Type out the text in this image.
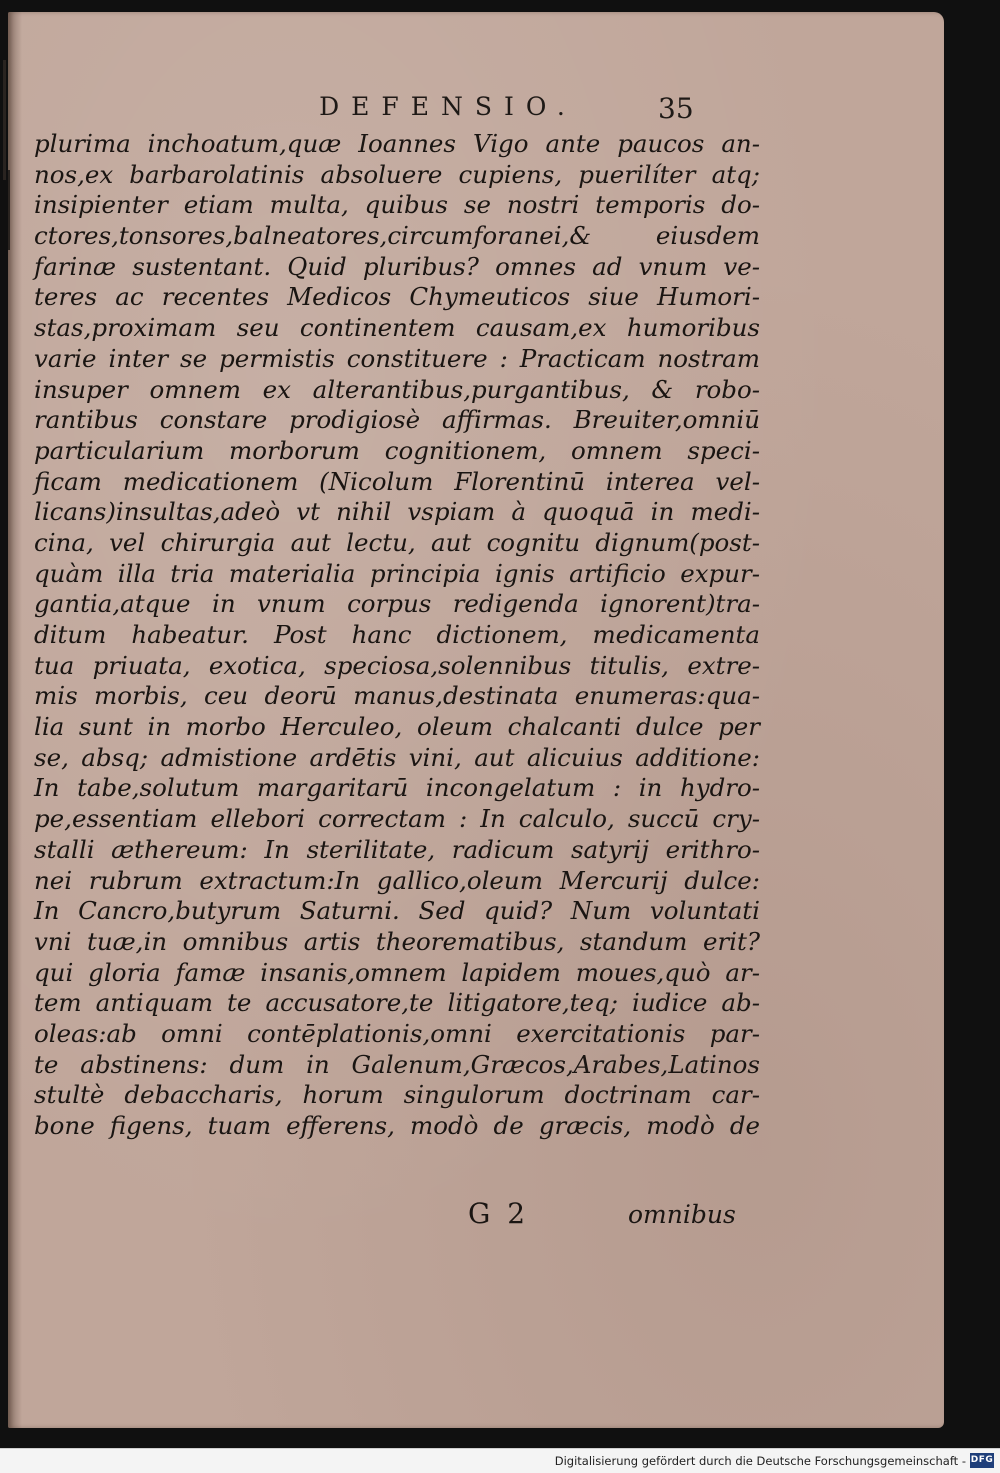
DEFENSIO.	35
plurima inchoatum,quæ Ioannes Vigo ante paucos an-
nos,ex barbarolatinis absoluere cupiens, puerilíter atq;
insipienter etiam multa, quibus se nostri temporis do-
ctores,tonsores,balneatores,circumforanei,& eiusdem
farinæ sustentant. Quid pluribus? omnes ad vnum ve-
teres ac recentes Medicos Chymeuticos siue Humori-
stas,proximam seu continentem causam,ex humoribus
varie inter se permistis constituere : Practicam nostram
insuper omnem ex alterantibus,purgantibus, & robo-
rantibus constare prodigiosè affirmas. Breuiter,omniū
particularium morborum cognitionem, omnem speci-
ficam medicationem (Nicolum Florentinū interea vel-
licans)insultas,adeò vt nihil vspiam à quoquā in medi-
cina, vel chirurgia aut lectu, aut cognitu dignum(post-
quàm illa tria materialia principia ignis artificio expur-
gantia,atque in vnum corpus redigenda ignorent)tra-
ditum habeatur. Post hanc dictionem, medicamenta
tua priuata, exotica, speciosa,solennibus titulis, extre-
mis morbis, ceu deorū manus,destinata enumeras:qua-
lia sunt in morbo Herculeo, oleum chalcanti dulce per
se, absq; admistione ardētis vini, aut alicuius additione:
In tabe,solutum margaritarū incongelatum : in hydro-
pe,essentiam ellebori correctam : In calculo, succū cry-
stalli æthereum: In sterilitate, radicum satyrij erithro-
nei rubrum extractum:In gallico,oleum Mercurij dulce:
In Cancro,butyrum Saturni. Sed quid? Num voluntati
vni tuæ,in omnibus artis theorematibus, standum erit?
qui gloria famæ insanis,omnem lapidem moues,quò ar-
tem antiquam te accusatore,te litigatore,teq; iudice ab-
oleas:ab omni contēplationis,omni exercitationis par-
te abstinens: dum in Galenum,Græcos,Arabes,Latinos
stultè debaccharis, horum singulorum doctrinam car-
bone figens, tuam efferens, modò de græcis, modò de
G 2	omnibus
Digitalisierung gefördert durch die Deutsche Forschungsgemeinschaft - DFG
